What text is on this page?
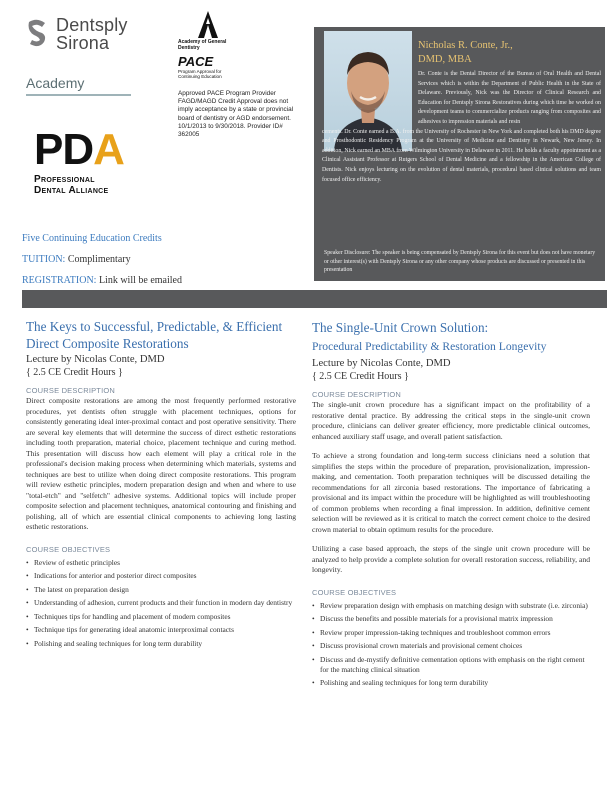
Dentsply
Sirona
Academy
Academy of General Dentistry
PACE
Program Approval for Continuing Education
Approved PACE Program Provider FAGD/MAGD Credit Approval does not imply acceptance by a state or provincial board of dentistry or AGD endorsement. 10/1/2013 to 9/30/2018. Provider ID# 362005
P D A
Professional
Dental Alliance
Five Continuing Education Credits
TUITION: Complimentary
REGISTRATION: Link will be emailed
Nicholas R. Conte, Jr.,
DMD, MBA
Dr. Conte is the Dental Director of the Bureau of Oral Health and Dental Services which is within the Department of Public Health in the State of Delaware. Previously, Nick was the Director of Clinical Research and Education for Dentsply Sirona Restoratives during which time he worked on development teams to commercialize products ranging from composites and adhesives to impression materials and resin
cements. Dr. Conte earned a B.A. from the University of Rochester in New York and completed both his DMD degree and Prosthodontic Residency Program at the University of Medicine and Dentistry in Newark, New Jersey. In addition, Nick earned an MBA from Wilmington University in Delaware in 2011. He holds a faculty appointment as a Clinical Assistant Professor at Rutgers School of Dental Medicine and a fellowship in the American College of Dentists. Nick enjoys lecturing on the evolution of dental materials, procedural based clinical solutions and team focused office efficiency.
Speaker Disclosure: The speaker is being compensated by Dentsply Sirona for this event but does not have monetary or other interest(s) with Dentsply Sirona or any other company whose products are discussed or presented in this presentation
The Keys to Successful, Predictable, & Efficient Direct Composite Restorations
Lecture by Nicolas Conte, DMD
{ 2.5 CE Credit Hours }
COURSE DESCRIPTION

Direct composite restorations are among the most frequently performed restorative procedures, yet dentists often struggle with placement techniques, options for consistently generating ideal inter-proximal contact and post operative sensitivity. There are several key elements that will determine the success of direct esthetic restorations including tooth preparation, material choice, placement technique and curing method. This presentation will discuss how each element will play a critical role in the professional's decision making process when determining which materials, systems and techniques are best to utilize when doing direct composite restorations. This program will review esthetic principles, modern preparation design and when and where to use "total-etch" and "selfetch" adhesive systems. Additional topics will include proper composite selection and placement techniques, anatomical contouring and finishing and polishing, all of which are essential clinical components to achieving long lasting esthetic restorations.

COURSE OBJECTIVES
• Review of esthetic principles
• Indications for anterior and posterior direct composites
• The latest on preparation design
• Understanding of adhesion, current products and their function in modern day dentistry
• Techniques tips for handling and placement of modern composites
• Technique tips for generating ideal anatomic interproximal contacts
• Polishing and sealing techniques for long term durability
The Single-Unit Crown Solution:
Procedural Predictability & Restoration Longevity
Lecture by Nicolas Conte, DMD
{ 2.5 CE Credit Hours }
COURSE DESCRIPTION

The single-unit crown procedure has a significant impact on the profitability of a restorative dental practice. By addressing the critical steps in the single-unit crown procedure, clinicians can deliver greater efficiency, more predictable clinical outcomes, enhanced auxiliary staff usage, and overall patient satisfaction.

To achieve a strong foundation and long-term success clinicians need a solution that simplifies the steps within the procedure of preparation, provisionalization, impression-making, and cementation. Tooth preparation techniques will be discussed detailing the recommendations for all zirconia based restorations. The importance of fabricating a provisional and its impact within the procedure will be highlighted as will troubleshooting of common problems when recording a final impression. In addition, definitive cement selection will be reviewed as it is critical to match the correct cement choice to the desired crown material to obtain optimum results for the procedure.

Utilizing a case based approach, the steps of the single unit crown procedure will be analyzed to help provide a complete solution for overall restoration success, reliability, and longevity.

COURSE OBJECTIVES
• Review preparation design with emphasis on matching design with substrate (i.e. zirconia)
• Discuss the benefits and possible materials for a provisional matrix impression
• Review proper impression-taking techniques and troubleshoot common errors
• Discuss provisional crown materials and provisional cement choices
• Discuss and de-mystify definitive cementation options with emphasis on the right cement for the matching clinical situation
• Polishing and sealing techniques for long term durability
